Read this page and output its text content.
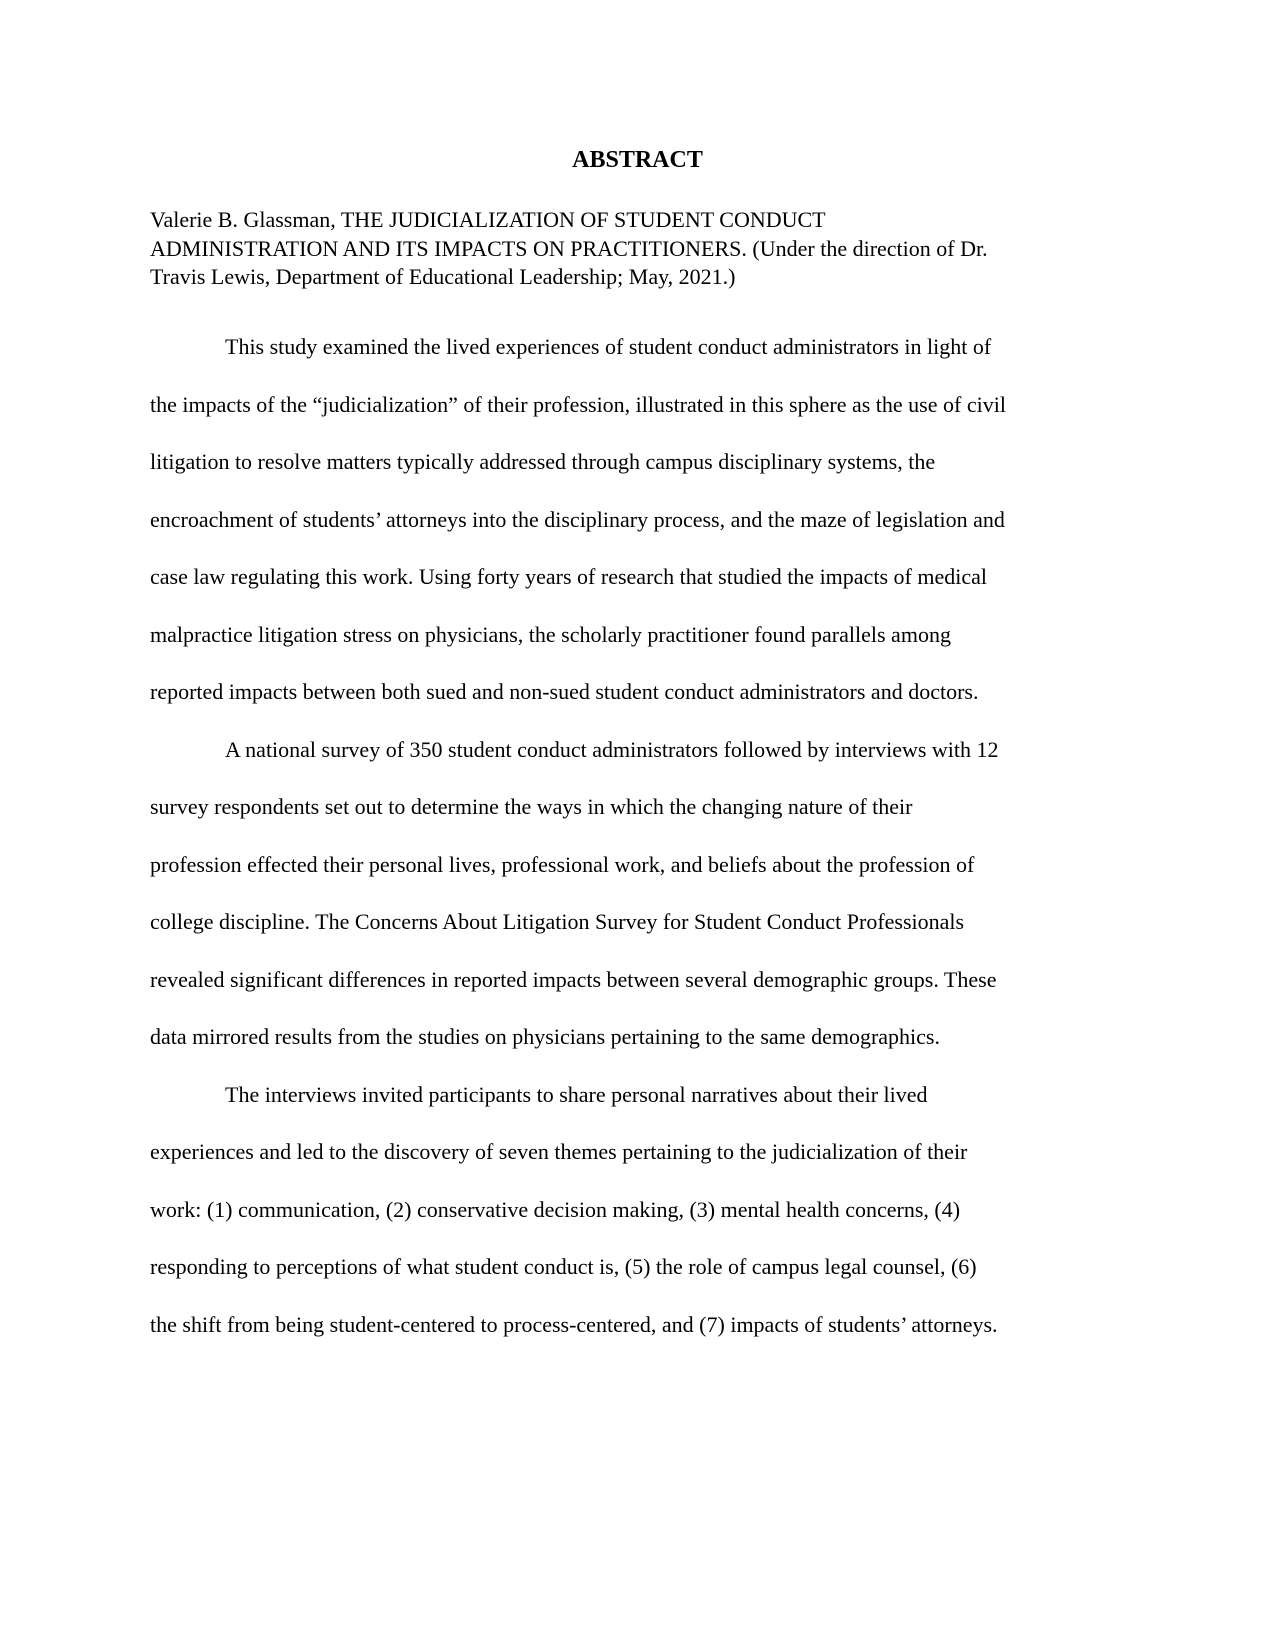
ABSTRACT
Valerie B. Glassman, THE JUDICIALIZATION OF STUDENT CONDUCT
ADMINISTRATION AND ITS IMPACTS ON PRACTITIONERS. (Under the direction of Dr.
Travis Lewis, Department of Educational Leadership; May, 2021.)
This study examined the lived experiences of student conduct administrators in light of
the impacts of the “judicialization” of their profession, illustrated in this sphere as the use of civil
litigation to resolve matters typically addressed through campus disciplinary systems, the
encroachment of students’ attorneys into the disciplinary process, and the maze of legislation and
case law regulating this work. Using forty years of research that studied the impacts of medical
malpractice litigation stress on physicians, the scholarly practitioner found parallels among
reported impacts between both sued and non-sued student conduct administrators and doctors.
A national survey of 350 student conduct administrators followed by interviews with 12
survey respondents set out to determine the ways in which the changing nature of their
profession effected their personal lives, professional work, and beliefs about the profession of
college discipline. The Concerns About Litigation Survey for Student Conduct Professionals
revealed significant differences in reported impacts between several demographic groups. These
data mirrored results from the studies on physicians pertaining to the same demographics.
The interviews invited participants to share personal narratives about their lived
experiences and led to the discovery of seven themes pertaining to the judicialization of their
work: (1) communication, (2) conservative decision making, (3) mental health concerns, (4)
responding to perceptions of what student conduct is, (5) the role of campus legal counsel, (6)
the shift from being student-centered to process-centered, and (7) impacts of students’ attorneys.
